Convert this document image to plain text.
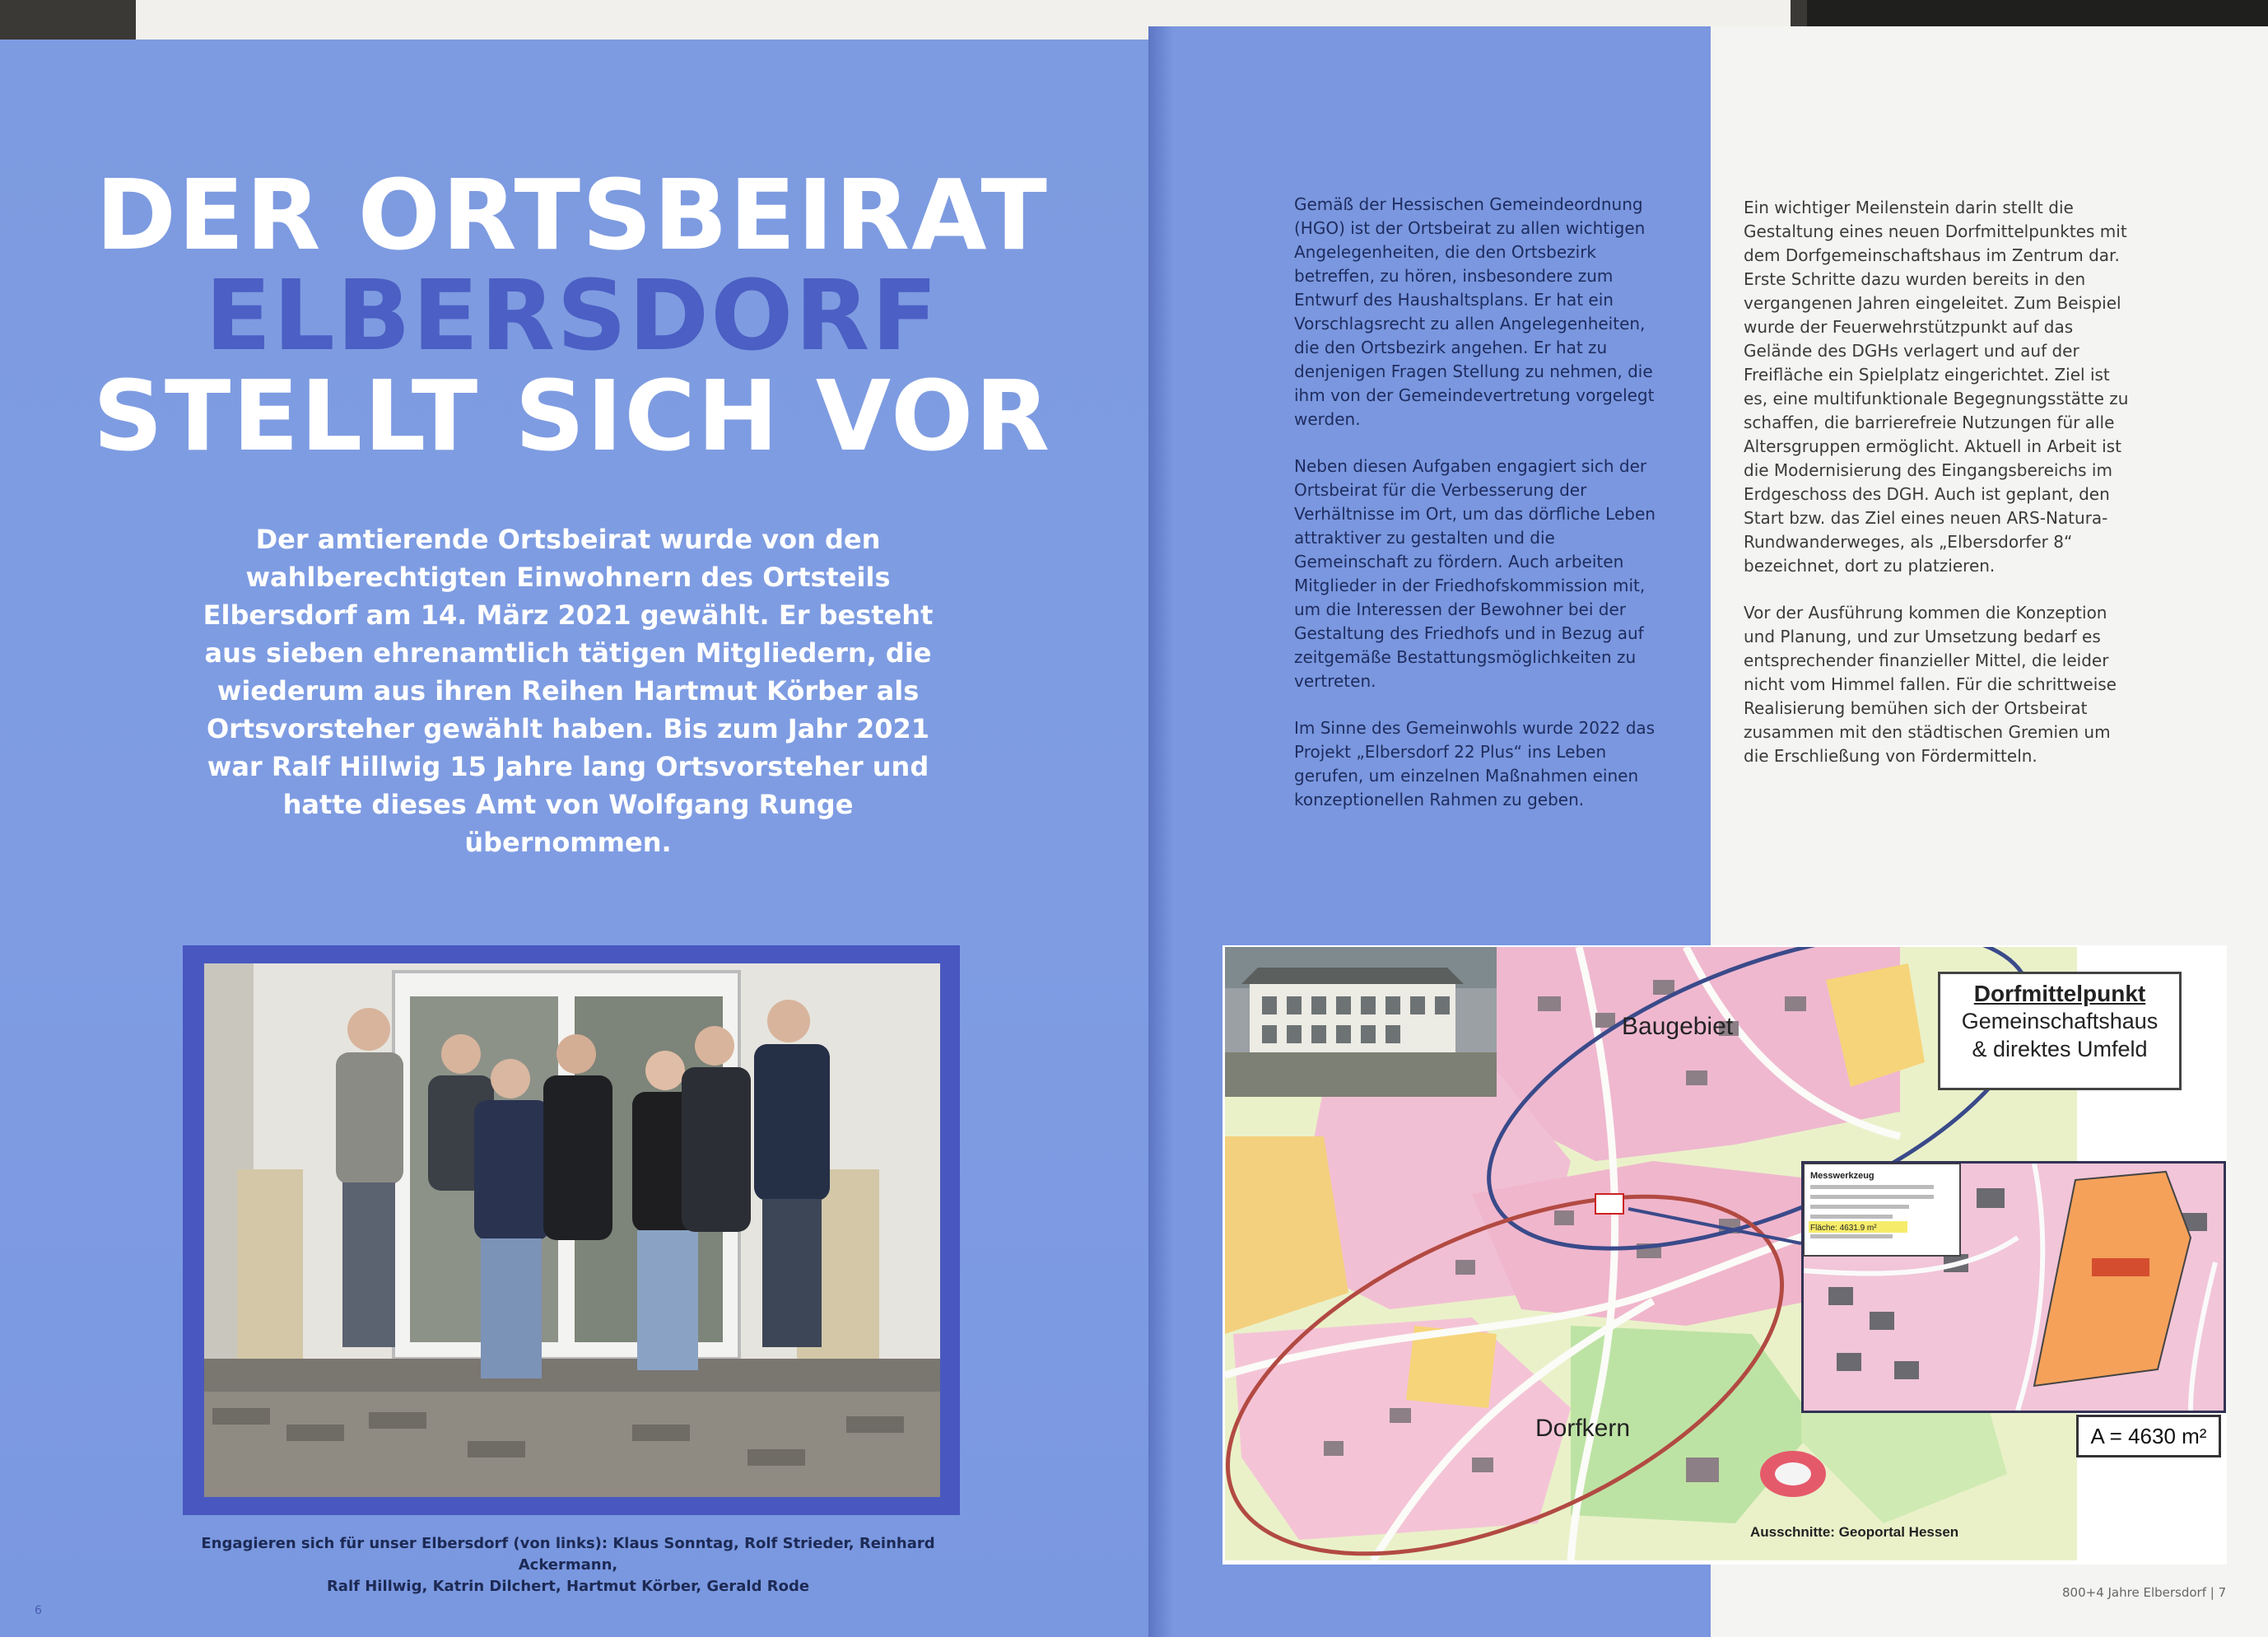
DER ORTSBEIRAT
ELBERSDORF
STELLT SICH VOR
Der amtierende Ortsbeirat wurde von den wahlberechtigten Einwohnern des Ortsteils Elbersdorf am 14. März 2021 gewählt. Er besteht aus sieben ehrenamtlich tätigen Mitgliedern, die wiederum aus ihren Reihen Hartmut Körber als Ortsvorsteher gewählt haben. Bis zum Jahr 2021 war Ralf Hillwig 15 Jahre lang Ortsvorsteher und hatte dieses Amt von Wolfgang Runge übernommen.
Engagieren sich für unser Elbersdorf (von links): Klaus Sonntag, Rolf Strieder, Reinhard Ackermann,
Ralf Hillwig, Katrin Dilchert, Hartmut Körber, Gerald Rode
6

Gemäß der Hessischen Gemeindeordnung (HGO) ist der Ortsbeirat zu allen wichtigen Angelegenheiten, die den Ortsbezirk betreffen, zu hören, insbesondere zum Entwurf des Haushaltsplans. Er hat ein Vorschlagsrecht zu allen Angelegenheiten, die den Ortsbezirk angehen. Er hat zu denjenigen Fragen Stellung zu nehmen, die ihm von der Gemeindevertretung vorgelegt werden.

Neben diesen Aufgaben engagiert sich der Ortsbeirat für die Verbesserung der Verhältnisse im Ort, um das dörfliche Leben attraktiver zu gestalten und die Gemeinschaft zu fördern. Auch arbeiten Mitglieder in der Friedhofskommission mit, um die Interessen der Bewohner bei der Gestaltung des Friedhofs und in Bezug auf zeitgemäße Bestattungsmöglichkeiten zu vertreten.

Im Sinne des Gemeinwohls wurde 2022 das Projekt „Elbersdorf 22 Plus“ ins Leben gerufen, um einzelnen Maßnahmen einen konzeptionellen Rahmen zu geben.

Ein wichtiger Meilenstein darin stellt die Gestaltung eines neuen Dorfmittelpunktes mit dem Dorfgemeinschaftshaus im Zentrum dar. Erste Schritte dazu wurden bereits in den vergangenen Jahren eingeleitet. Zum Beispiel wurde der Feuerwehrstützpunkt auf das Gelände des DGHs verlagert und auf der Freifläche ein Spielplatz eingerichtet. Ziel ist es, eine multifunktionale Begegnungsstätte zu schaffen, die barrierefreie Nutzungen für alle Altersgruppen ermöglicht. Aktuell in Arbeit ist die Modernisierung des Eingangsbereichs im Erdgeschoss des DGH. Auch ist geplant, den Start bzw. das Ziel eines neuen ARS-Natura-Rundwanderweges, als „Elbersdorfer 8“ bezeichnet, dort zu platzieren.

Vor der Ausführung kommen die Konzeption und Planung, und zur Umsetzung bedarf es entsprechender finanzieller Mittel, die leider nicht vom Himmel fallen. Für die schrittweise Realisierung bemühen sich der Ortsbeirat zusammen mit den städtischen Gremien um die Erschließung von Fördermitteln.

Baugebiet
Dorfkern
Dorfmittelpunkt
Gemeinschaftshaus
& direktes Umfeld
Messwerkzeug
Fläche: 4631.9 m²
A = 4630 m²
Ausschnitte: Geoportal Hessen
800+4 Jahre Elbersdorf | 7
